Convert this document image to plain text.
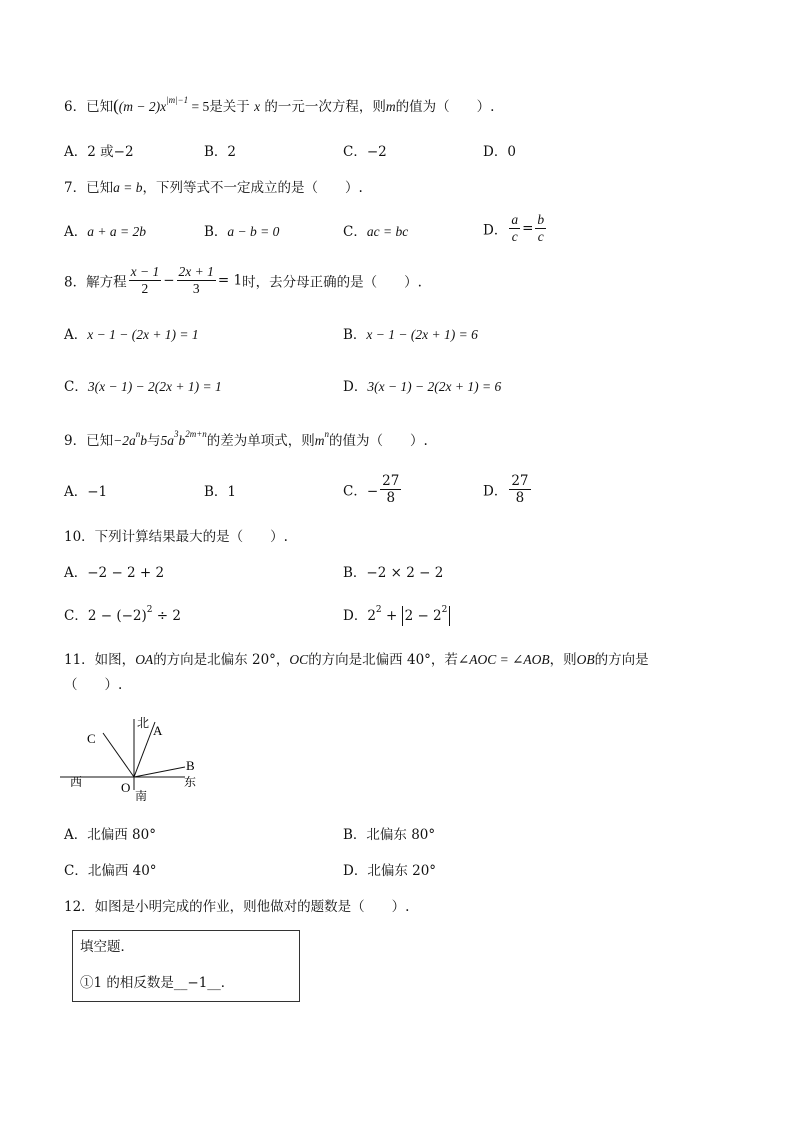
6．已知($(m - 2)x^{|m|-1} = 5$是关于 x 的一元一次方程，则m的值为（　　）.
A．2 或−2	B．2	C．−2	D．0
7．已知a = b，下列等式不一定成立的是（　　）.
A．a + a = 2b	B．a − b = 0	C．ac = bc	D． $\frac{a}{c} = \frac{b}{c}$
8．解方程 $\frac{x - 1}{2} - \frac{2x + 1}{3} = 1$时，去分母正确的是（　　）.
A．x − 1 − (2x + 1) = 1	B．x − 1 − (2x + 1) = 6
C．3(x − 1) − 2(2x + 1) = 1	D．3(x − 1) − 2(2x + 1) = 6
9．已知$-2a^nb$与$5a^3b^{2m+n}$的差为单项式，则$m^n$的值为（　　）.
A．−1	B．1	C．− $\frac{27}{8}$	D． $\frac{27}{8}$
10．下列计算结果最大的是（　　）.
A．−2 − 2 + 2	B．−2 × 2 − 2
C．$2 - (-2)^2 \div 2$	D．$2^2 + 2 - 2^2$
11．如图，OA的方向是北偏东 20°，OC的方向是北偏西 40°，若∠AOC = ∠AOB，则OB的方向是
（　　）.
北 A
C
B
东
西	O
南
A．北偏西 80°	B．北偏东 80°
C．北偏西 40°	D．北偏东 20°
12．如图是小明完成的作业，则他做对的题数是（　　）.
填空题．
①1 的相反数是__−1__．
